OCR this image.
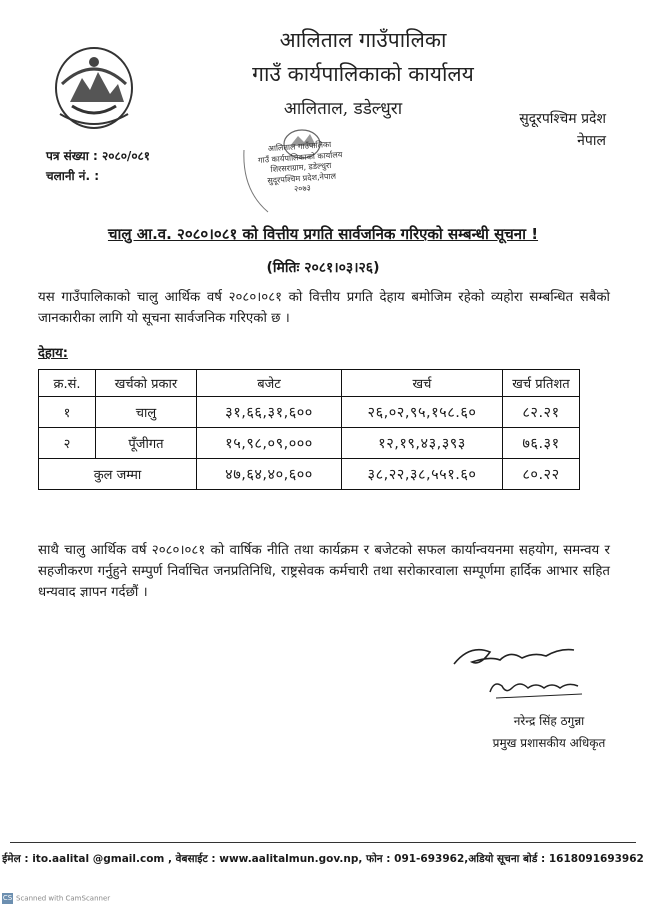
आलिताल गाउँपालिका
गाउँ कार्यपालिकाको कार्यालय
आलिताल, डडेल्धुरा	सुदूरपश्चिम प्रदेश
नेपाल
पत्र संख्या : २०८०/०८१
चलानी नं. :
आलिताल गाउँपालिका
गाउँ कार्यपालिकाको कार्यालय
शिरसराग्राम, डडेल्धुरा
सुदूरपश्चिम प्रदेश,नेपाल
२०७३
चालु आ.व. २०८०।०८१ को वित्तीय प्रगति सार्वजनिक गरिएको सम्बन्धी सूचना !
(मितिः २०८१।०३।२६)
यस गाउँपालिकाको चालु आर्थिक वर्ष २०८०।०८१ को वित्तीय प्रगति देहाय बमोजिम रहेको व्यहोरा सम्बन्धित सबैको जानकारीका लागि यो सूचना सार्वजनिक गरिएको छ ।
देहाय:
क्र.सं.	खर्चको प्रकार	बजेट	खर्च	खर्च प्रतिशत
१	चालु	३१,६६,३१,६००	२६,०२,९५,१५८.६०	८२.२१
२	पूँजीगत	१५,९८,०९,०००	१२,१९,४३,३९३	७६.३१
कुल जम्मा		४७,६४,४०,६००	३८,२२,३८,५५१.६०	८०.२२
साथै चालु आर्थिक वर्ष २०८०।०८१ को वार्षिक नीति तथा कार्यक्रम र बजेटको सफल कार्यान्वयनमा सहयोग, समन्वय र सहजीकरण गर्नुहुने सम्पुर्ण निर्वाचित जनप्रतिनिधि, राष्ट्रसेवक कर्मचारी तथा सरोकारवाला सम्पूर्णमा हार्दिक आभार सहित धन्यवाद ज्ञापन गर्दछौं ।
नरेन्द्र सिंह ठगुन्ना
प्रमुख प्रशासकीय अधिकृत
ईमेल : ito.aalital @gmail.com , वेबसाईट : www.aalitalmun.gov.np, फोन : 091-693962,अडियो सूचना बोर्ड : 1618091693962
CS Scanned with CamScanner
